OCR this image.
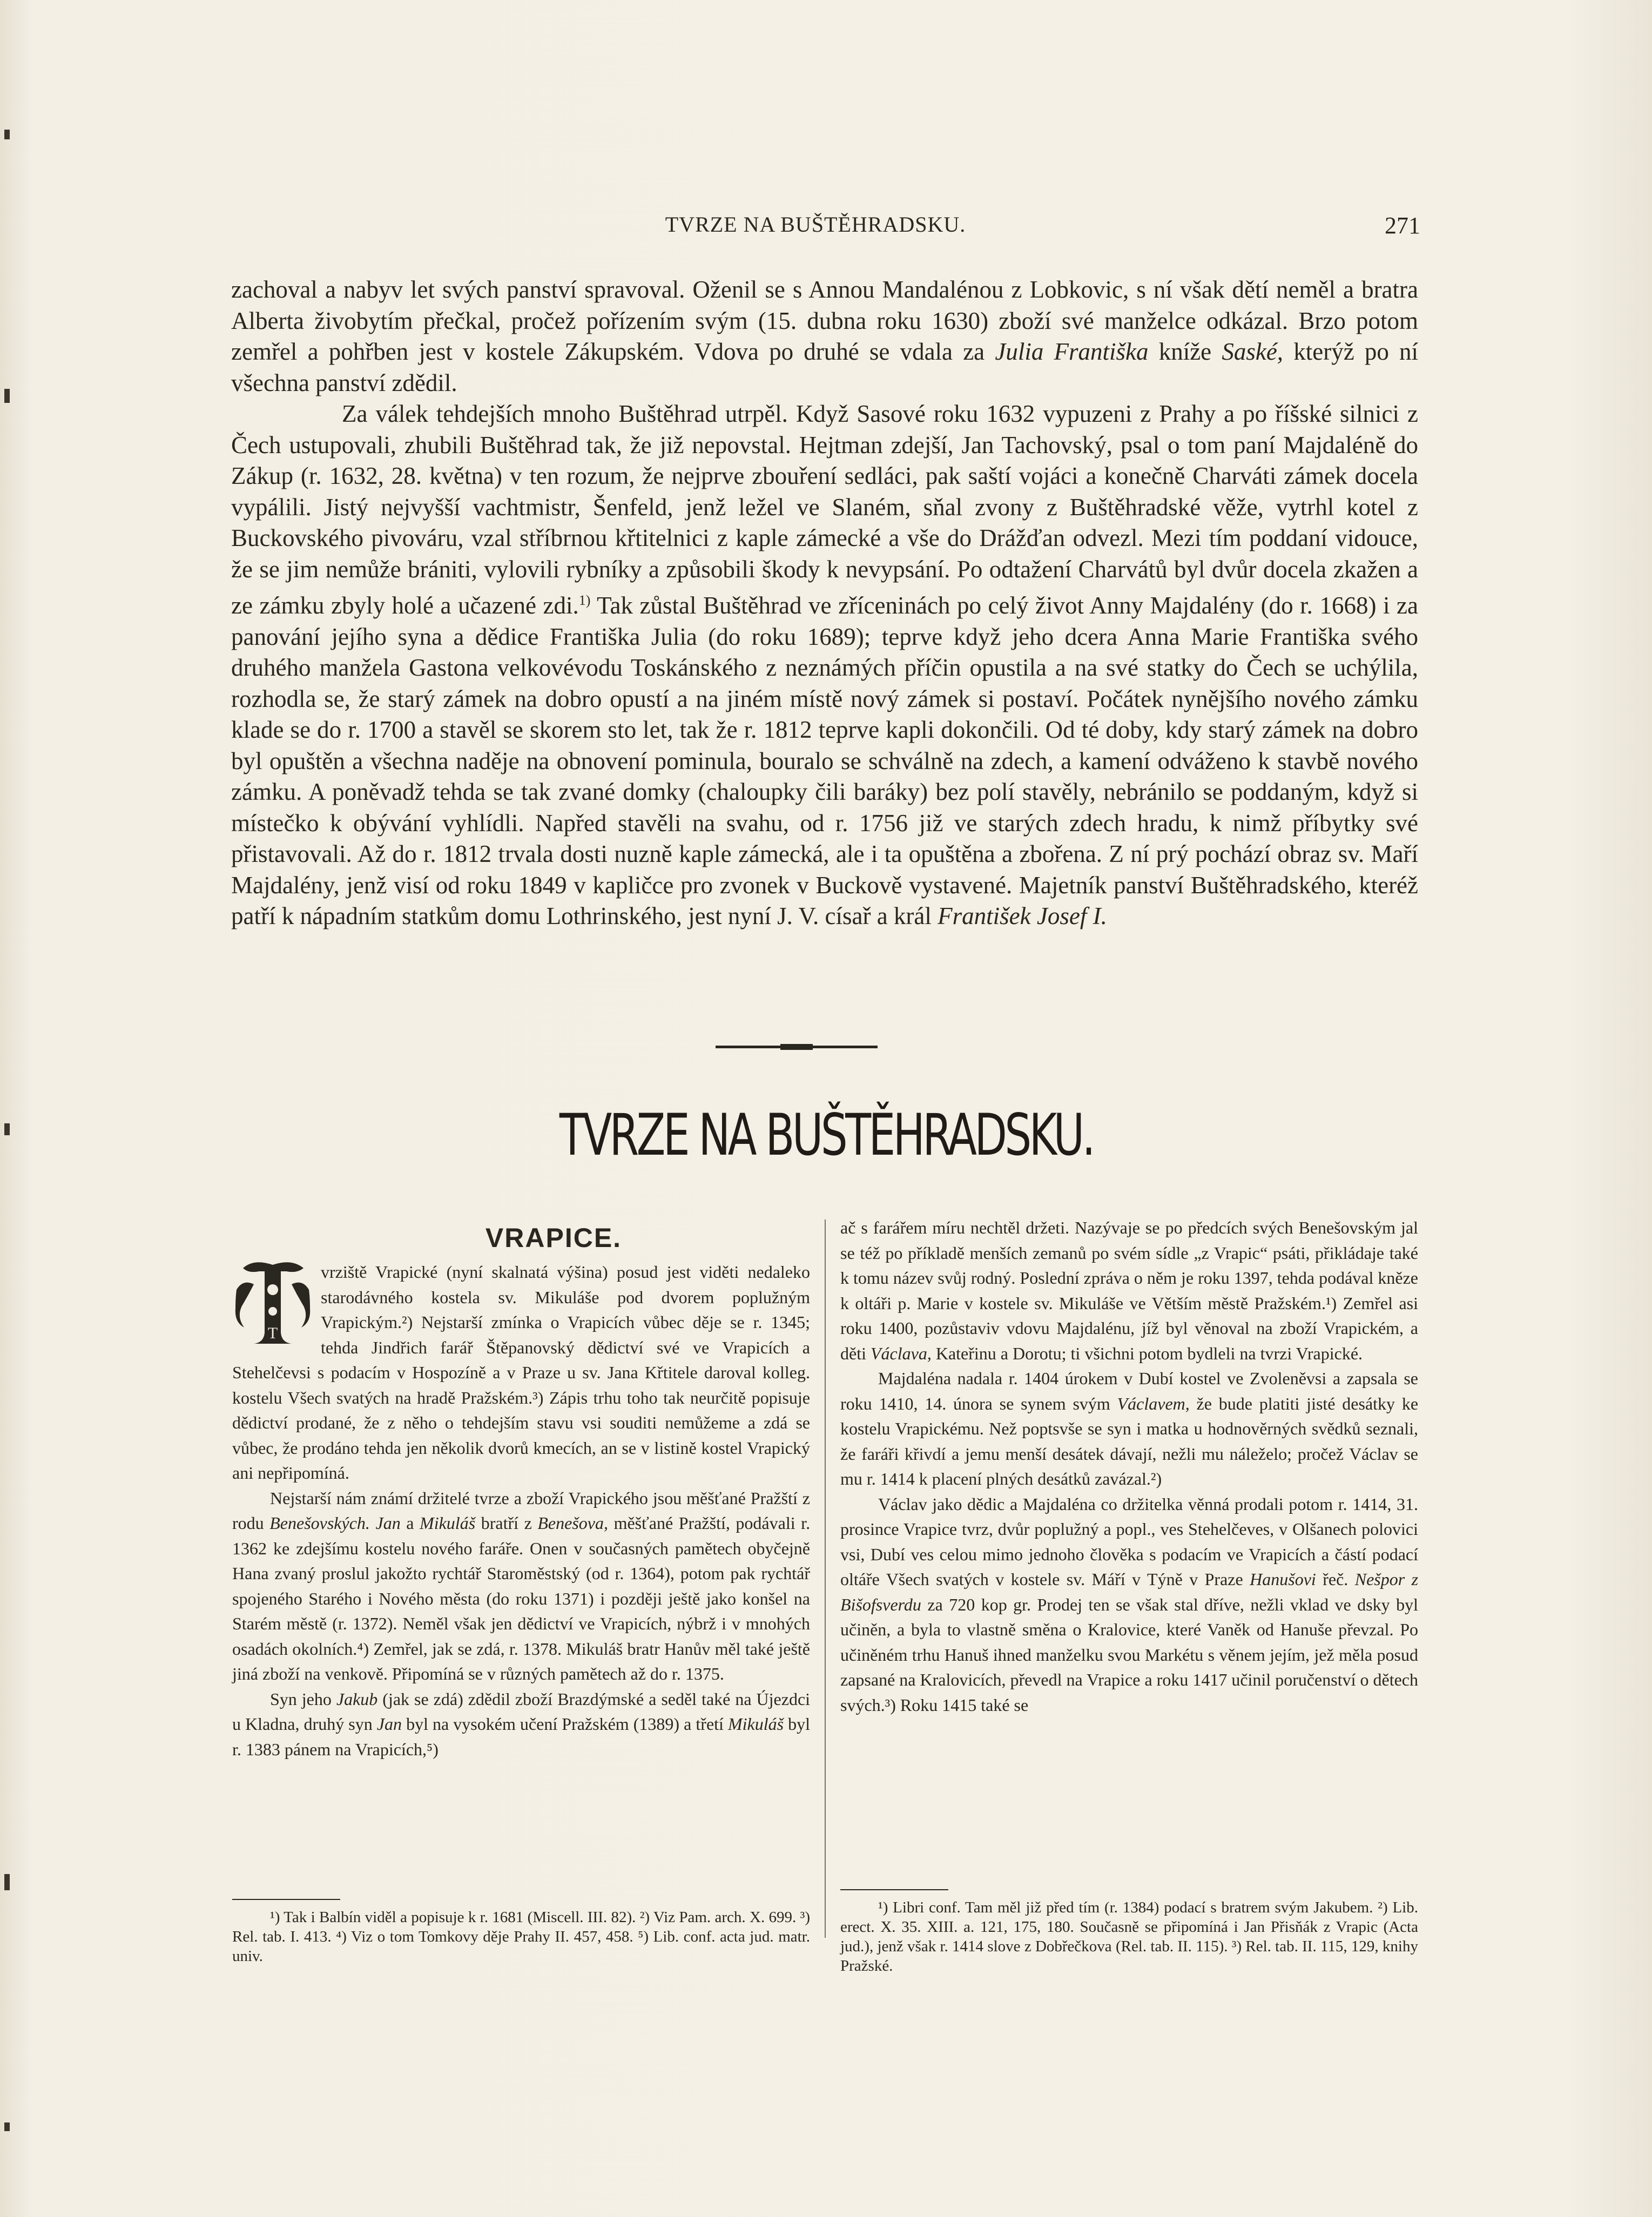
TVRZE NA BUŠTĚHRADSKU.	271

zachoval a nabyv let svých panství spravoval. Oženil se s Annou Mandalénou z Lobkovic, s ní však dětí neměl a bratra Alberta živobytím přečkal, pročež pořízením svým (15. dubna roku 1630) zboží své manželce odkázal. Brzo potom zemřel a pohřben jest v kostele Zákupském. Vdova po druhé se vdala za Julia Františka kníže Saské, kterýž po ní všechna panství zdědil.

Za válek tehdejších mnoho Buštěhrad utrpěl. Když Sasové roku 1632 vypuzeni z Prahy a po říšské silnici z Čech ustupovali, zhubili Buštěhrad tak, že již nepovstal. Hejtman zdejší, Jan Tachovský, psal o tom paní Majdaléně do Zákup (r. 1632, 28. května) v ten rozum, že nejprve zbouření sedláci, pak saští vojáci a konečně Charváti zámek docela vypálili. Jistý nejvyšší vachtmistr, Šenfeld, jenž ležel ve Slaném, sňal zvony z Buštěhradské věže, vytrhl kotel z Buckovského pivováru, vzal stříbrnou křtitelnici z kaple zámecké a vše do Drážďan odvezl. Mezi tím poddaní vidouce, že se jim nemůže brániti, vylovili rybníky a způsobili škody k nevypsání. Po odtažení Charvátů byl dvůr docela zkažen a ze zámku zbyly holé a učazené zdi.$^{1)}$ Tak zůstal Buštěhrad ve zříceninách po celý život Anny Majdalény (do r. 1668) i za panování jejího syna a dědice Františka Julia (do roku 1689); teprve když jeho dcera Anna Marie Františka svého druhého manžela Gastona velkovévodu Toskánského z neznámých příčin opustila a na své statky do Čech se uchýlila, rozhodla se, že starý zámek na dobro opustí a na jiném místě nový zámek si postaví. Počátek nynějšího nového zámku klade se do r. 1700 a stavěl se skorem sto let, tak že r. 1812 teprve kapli dokončili. Od té doby, kdy starý zámek na dobro byl opuštěn a všechna naděje na obnovení pominula, bouralo se schválně na zdech, a kamení odváženo k stavbě nového zámku. A poněvadž tehda se tak zvané domky (chaloupky čili baráky) bez polí stavěly, nebránilo se poddaným, když si místečko k obývání vyhlídli. Napřed stavěli na svahu, od r. 1756 již ve starých zdech hradu, k nimž příbytky své přistavovali. Až do r. 1812 trvala dosti nuzně kaple zámecká, ale i ta opuštěna a zbořena. Z ní prý pochází obraz sv. Maří Majdalény, jenž visí od roku 1849 v kapličce pro zvonek v Buckově vystavené. Majetník panství Buštěhradského, kteréž patří k nápadním statkům domu Lothrinského, jest nyní J. V. císař a král František Josef I.

TVRZE NA BUŠTĚHRADSKU.
VRAPICE.
T

vrziště Vrapické (nyní skalnatá výšina) posud jest viděti nedaleko starodávného kostela sv. Mikuláše pod dvorem poplužným Vrapickým.²) Nejstarší zmínka o Vrapicích vůbec děje se r. 1345; tehda Jindřich farář Štěpanovský dědictví své ve Vrapicích a Stehelčevsi s podacím v Hospozíně a v Praze u sv. Jana Křtitele daroval kolleg. kostelu Všech svatých na hradě Pražském.³) Zápis trhu toho tak neurčitě popisuje dědictví prodané, že z něho o tehdejším stavu vsi souditi nemůžeme a zdá se vůbec, že prodáno tehda jen několik dvorů kmecích, an se v listině kostel Vrapický ani nepřipomíná.

Nejstarší nám známí držitelé tvrze a zboží Vrapického jsou měšťané Pražští z rodu Benešovských. Jan a Mikuláš bratří z Benešova, měšťané Pražští, podávali r. 1362 ke zdejšímu kostelu nového faráře. Onen v současných pamětech obyčejně Hana zvaný proslul jakožto rychtář Staroměstský (od r. 1364), potom pak rychtář spojeného Starého i Nového města (do roku 1371) i později ještě jako konšel na Starém městě (r. 1372). Neměl však jen dědictví ve Vrapicích, nýbrž i v mnohých osadách okolních.⁴) Zemřel, jak se zdá, r. 1378. Mikuláš bratr Hanův měl také ještě jiná zboží na venkově. Připomíná se v různých pamětech až do r. 1375.

Syn jeho Jakub (jak se zdá) zdědil zboží Brazdýmské a seděl také na Újezdci u Kladna, druhý syn Jan byl na vysokém učení Pražském (1389) a třetí Mikuláš byl r. 1383 pánem na Vrapicích,⁵)

¹) Tak i Balbín viděl a popisuje k r. 1681 (Miscell. III. 82). ²) Viz Pam. arch. X. 699. ³) Rel. tab. I. 413. ⁴) Viz o tom Tomkovy děje Prahy II. 457, 458. ⁵) Lib. conf. acta jud. matr. univ.

ač s farářem míru nechtěl držeti. Nazývaje se po předcích svých Benešovským jal se též po příkladě menších zemanů po svém sídle „z Vrapic“ psáti, přikládaje také k tomu název svůj rodný. Poslední zpráva o něm je roku 1397, tehda podával kněze k oltáři p. Marie v kostele sv. Mikuláše ve Větším městě Pražském.¹) Zemřel asi roku 1400, pozůstaviv vdovu Majdalénu, jíž byl věnoval na zboží Vrapickém, a děti Václava, Kateřinu a Dorotu; ti všichni potom bydleli na tvrzi Vrapické.

Majdaléna nadala r. 1404 úrokem v Dubí kostel ve Zvoleněvsi a zapsala se roku 1410, 14. února se synem svým Václavem, že bude platiti jisté desátky ke kostelu Vrapickému. Než poptsvše se syn i matka u hodnověrných svědků seznali, že faráři křivdí a jemu menší desátek dávají, nežli mu náleželo; pročež Václav se mu r. 1414 k placení plných desátků zavázal.²)

Václav jako dědic a Majdaléna co držitelka věnná prodali potom r. 1414, 31. prosince Vrapice tvrz, dvůr poplužný a popl., ves Stehelčeves, v Olšanech polovici vsi, Dubí ves celou mimo jednoho člověka s podacím ve Vrapicích a částí podací oltáře Všech svatých v kostele sv. Máří v Týně v Praze Hanušovi řeč. Nešpor z Bišofsverdu za 720 kop gr. Prodej ten se však stal dříve, nežli vklad ve dsky byl učiněn, a byla to vlastně směna o Kralovice, které Vaněk od Hanuše převzal. Po učiněném trhu Hanuš ihned manželku svou Markétu s věnem jejím, jež měla posud zapsané na Kralovicích, převedl na Vrapice a roku 1417 učinil poručenství o dětech svých.³) Roku 1415 také se

¹) Libri conf. Tam měl již před tím (r. 1384) podací s bratrem svým Jakubem. ²) Lib. erect. X. 35. XIII. a. 121, 175, 180. Současně se připomíná i Jan Přisňák z Vrapic (Acta jud.), jenž však r. 1414 slove z Dobřečkova (Rel. tab. II. 115). ³) Rel. tab. II. 115, 129, knihy Pražské.
